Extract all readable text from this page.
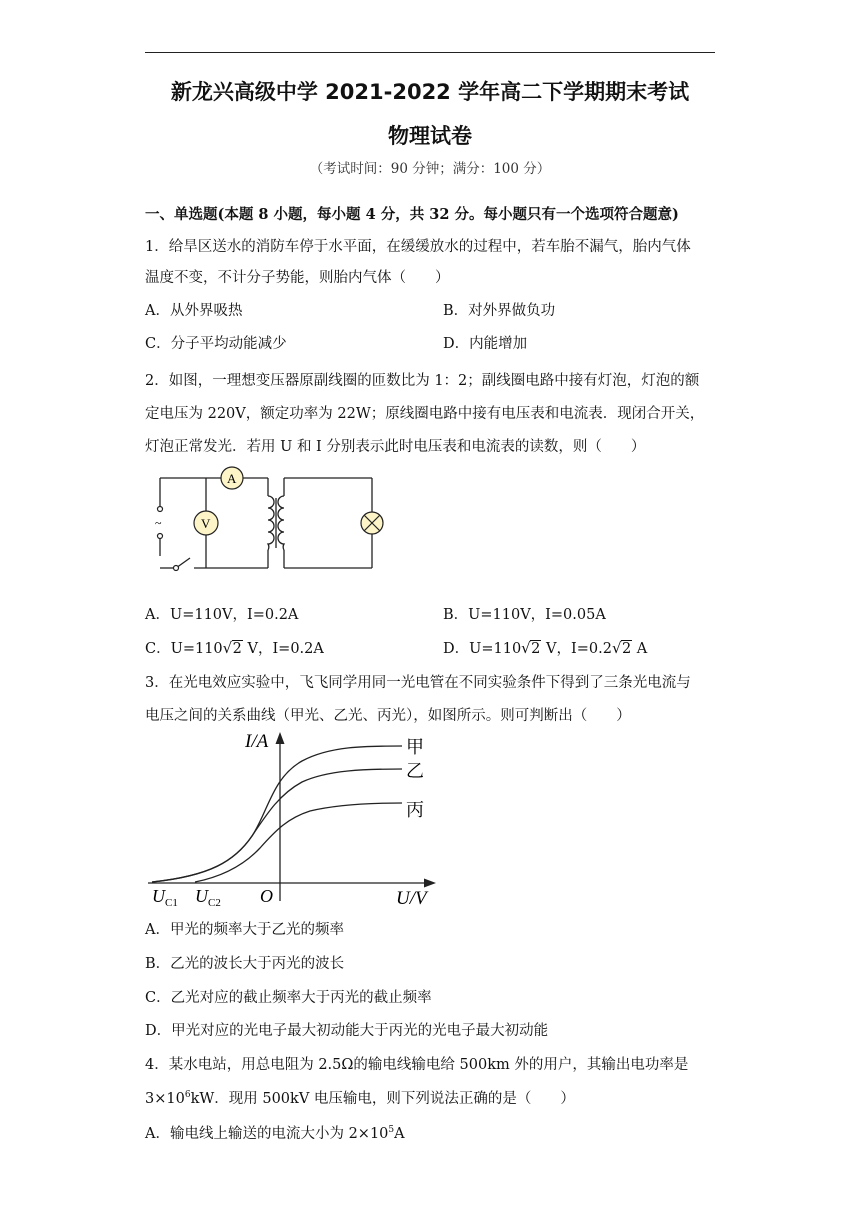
新龙兴高级中学 2021-2022 学年高二下学期期末考试
物理试卷
（考试时间：90 分钟；满分：100 分）
一、单选题(本题 8 小题，每小题 4 分，共 32 分。每小题只有一个选项符合题意)
1．给旱区送水的消防车停于水平面，在缓缓放水的过程中，若车胎不漏气，胎内气体
温度不变，不计分子势能，则胎内气体（　　）
A．从外界吸热	B．对外界做负功
C．分子平均动能减少	D．内能增加
2．如图，一理想变压器原副线圈的匝数比为 1：2；副线圈电路中接有灯泡，灯泡的额
定电压为 220V，额定功率为 22W；原线圈电路中接有电压表和电流表．现闭合开关，
灯泡正常发光．若用 U 和 I 分别表示此时电压表和电流表的读数，则（　　）
~
A
V
A．U=110V，I=0.2A	B．U=110V，I=0.05A
C．U=110 √ 2 V，I=0.2A	D．U=110 √ 2 V，I=0.2 √ 2 A
3．在光电效应实验中，飞飞同学用同一光电管在不同实验条件下得到了三条光电流与
电压之间的关系曲线（甲光、乙光、丙光），如图所示。则可判断出（　　）
I/A
U/V
O
$U_{C1}$ $U_{C2}$
甲
乙
丙
A．甲光的频率大于乙光的频率
B．乙光的波长大于丙光的波长
C．乙光对应的截止频率大于丙光的截止频率
D．甲光对应的光电子最大初动能大于丙光的光电子最大初动能
4．某水电站，用总电阻为 2.5Ω的输电线输电给 500km 外的用户，其输出电功率是
$3\times 10^6kW$．现用 500kV 电压输电，则下列说法正确的是（　　）
A．输电线上输送的电流大小为 $2\times 10^5A$
